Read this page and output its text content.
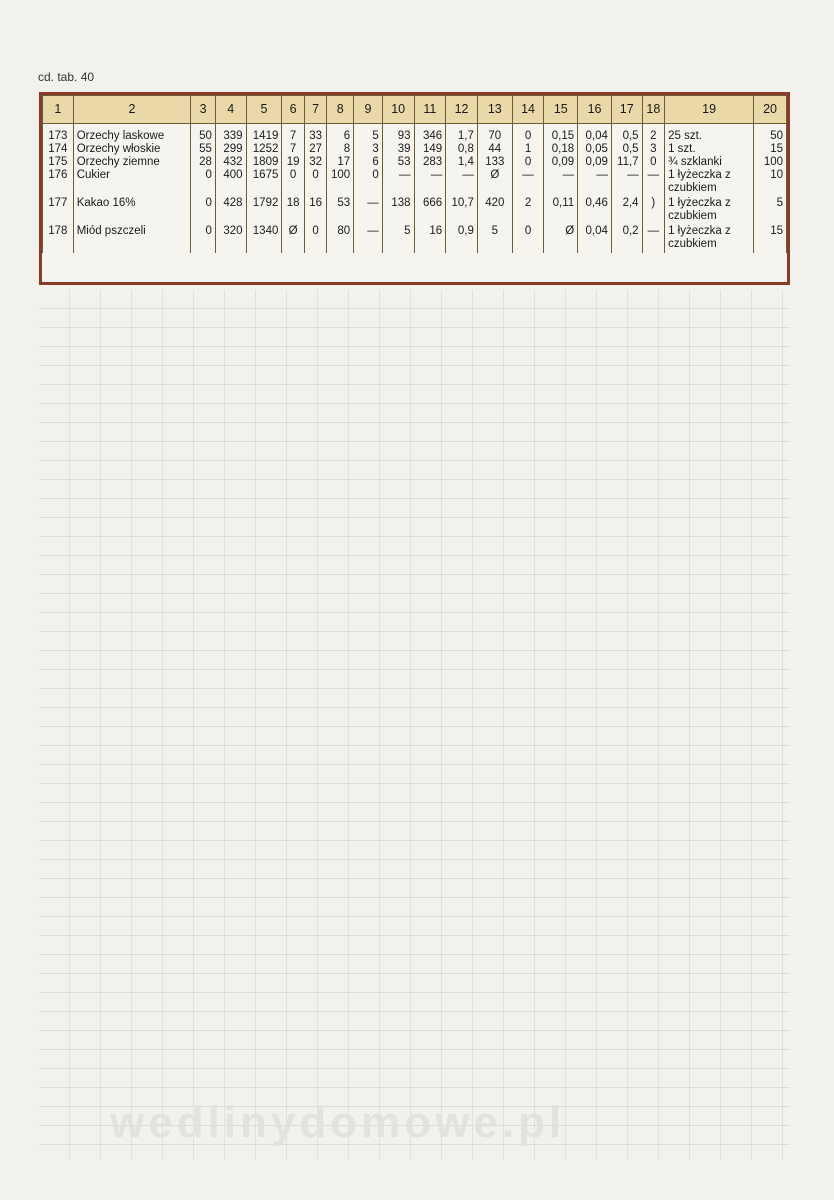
cd. tab. 40
1	2	3	4	5	6	7	8	9	10	11	12	13	14	15	16	17	18	19	20

173	Orzechy laskowe	50	339	1419	7	33	6	5	93	346	1,7	70	0	0,15	0,04	0,5	2	25 szt.	50
174	Orzechy włoskie	55	299	1252	7	27	8	3	39	149	0,8	44	1	0,18	0,05	0,5	3	1 szt.	15
175	Orzechy ziemne	28	432	1809	19	32	17	6	53	283	1,4	133	0	0,09	0,09	11,7	0	¾ szklanki	100
176	Cukier	0	400	1675	0	0	100	0	—	—	—	Ø	—	—	—	—	—	1 łyżeczka z czubkiem	10
177	Kakao 16%	0	428	1792	18	16	53	—	138	666	10,7	420	2	0,11	0,46	2,4	)	1 łyżeczka z czubkiem	5
178	Miód pszczeli	0	320	1340	Ø	0	80	—	5	16	0,9	5	0	Ø	0,04	0,2	—	1 łyżeczka z czubkiem	15
wedlinydomowe.pl
